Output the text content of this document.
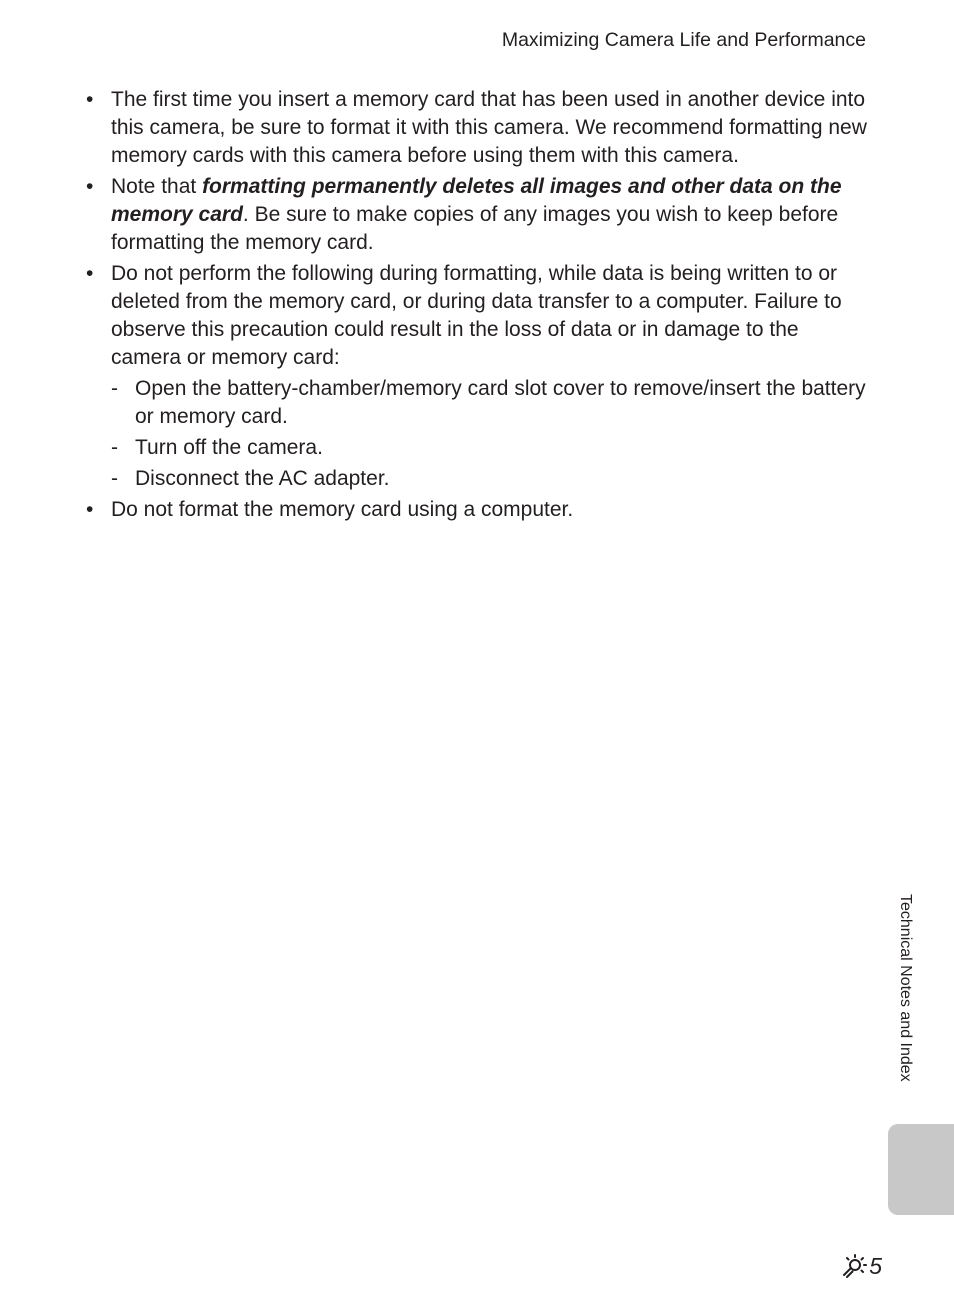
Maximizing Camera Life and Performance
• The first time you insert a memory card that has been used in another device into this camera, be sure to format it with this camera. We recommend formatting new memory cards with this camera before using them with this camera.
• Note that formatting permanently deletes all images and other data on the memory card. Be sure to make copies of any images you wish to keep before formatting the memory card.
• Do not perform the following during formatting, while data is being written to or deleted from the memory card, or during data transfer to a computer. Failure to observe this precaution could result in the loss of data or in damage to the camera or memory card:
- Open the battery-chamber/memory card slot cover to remove/insert the battery or memory card.
- Turn off the camera.
- Disconnect the AC adapter.
• Do not format the memory card using a computer.
Technical Notes and Index
5
